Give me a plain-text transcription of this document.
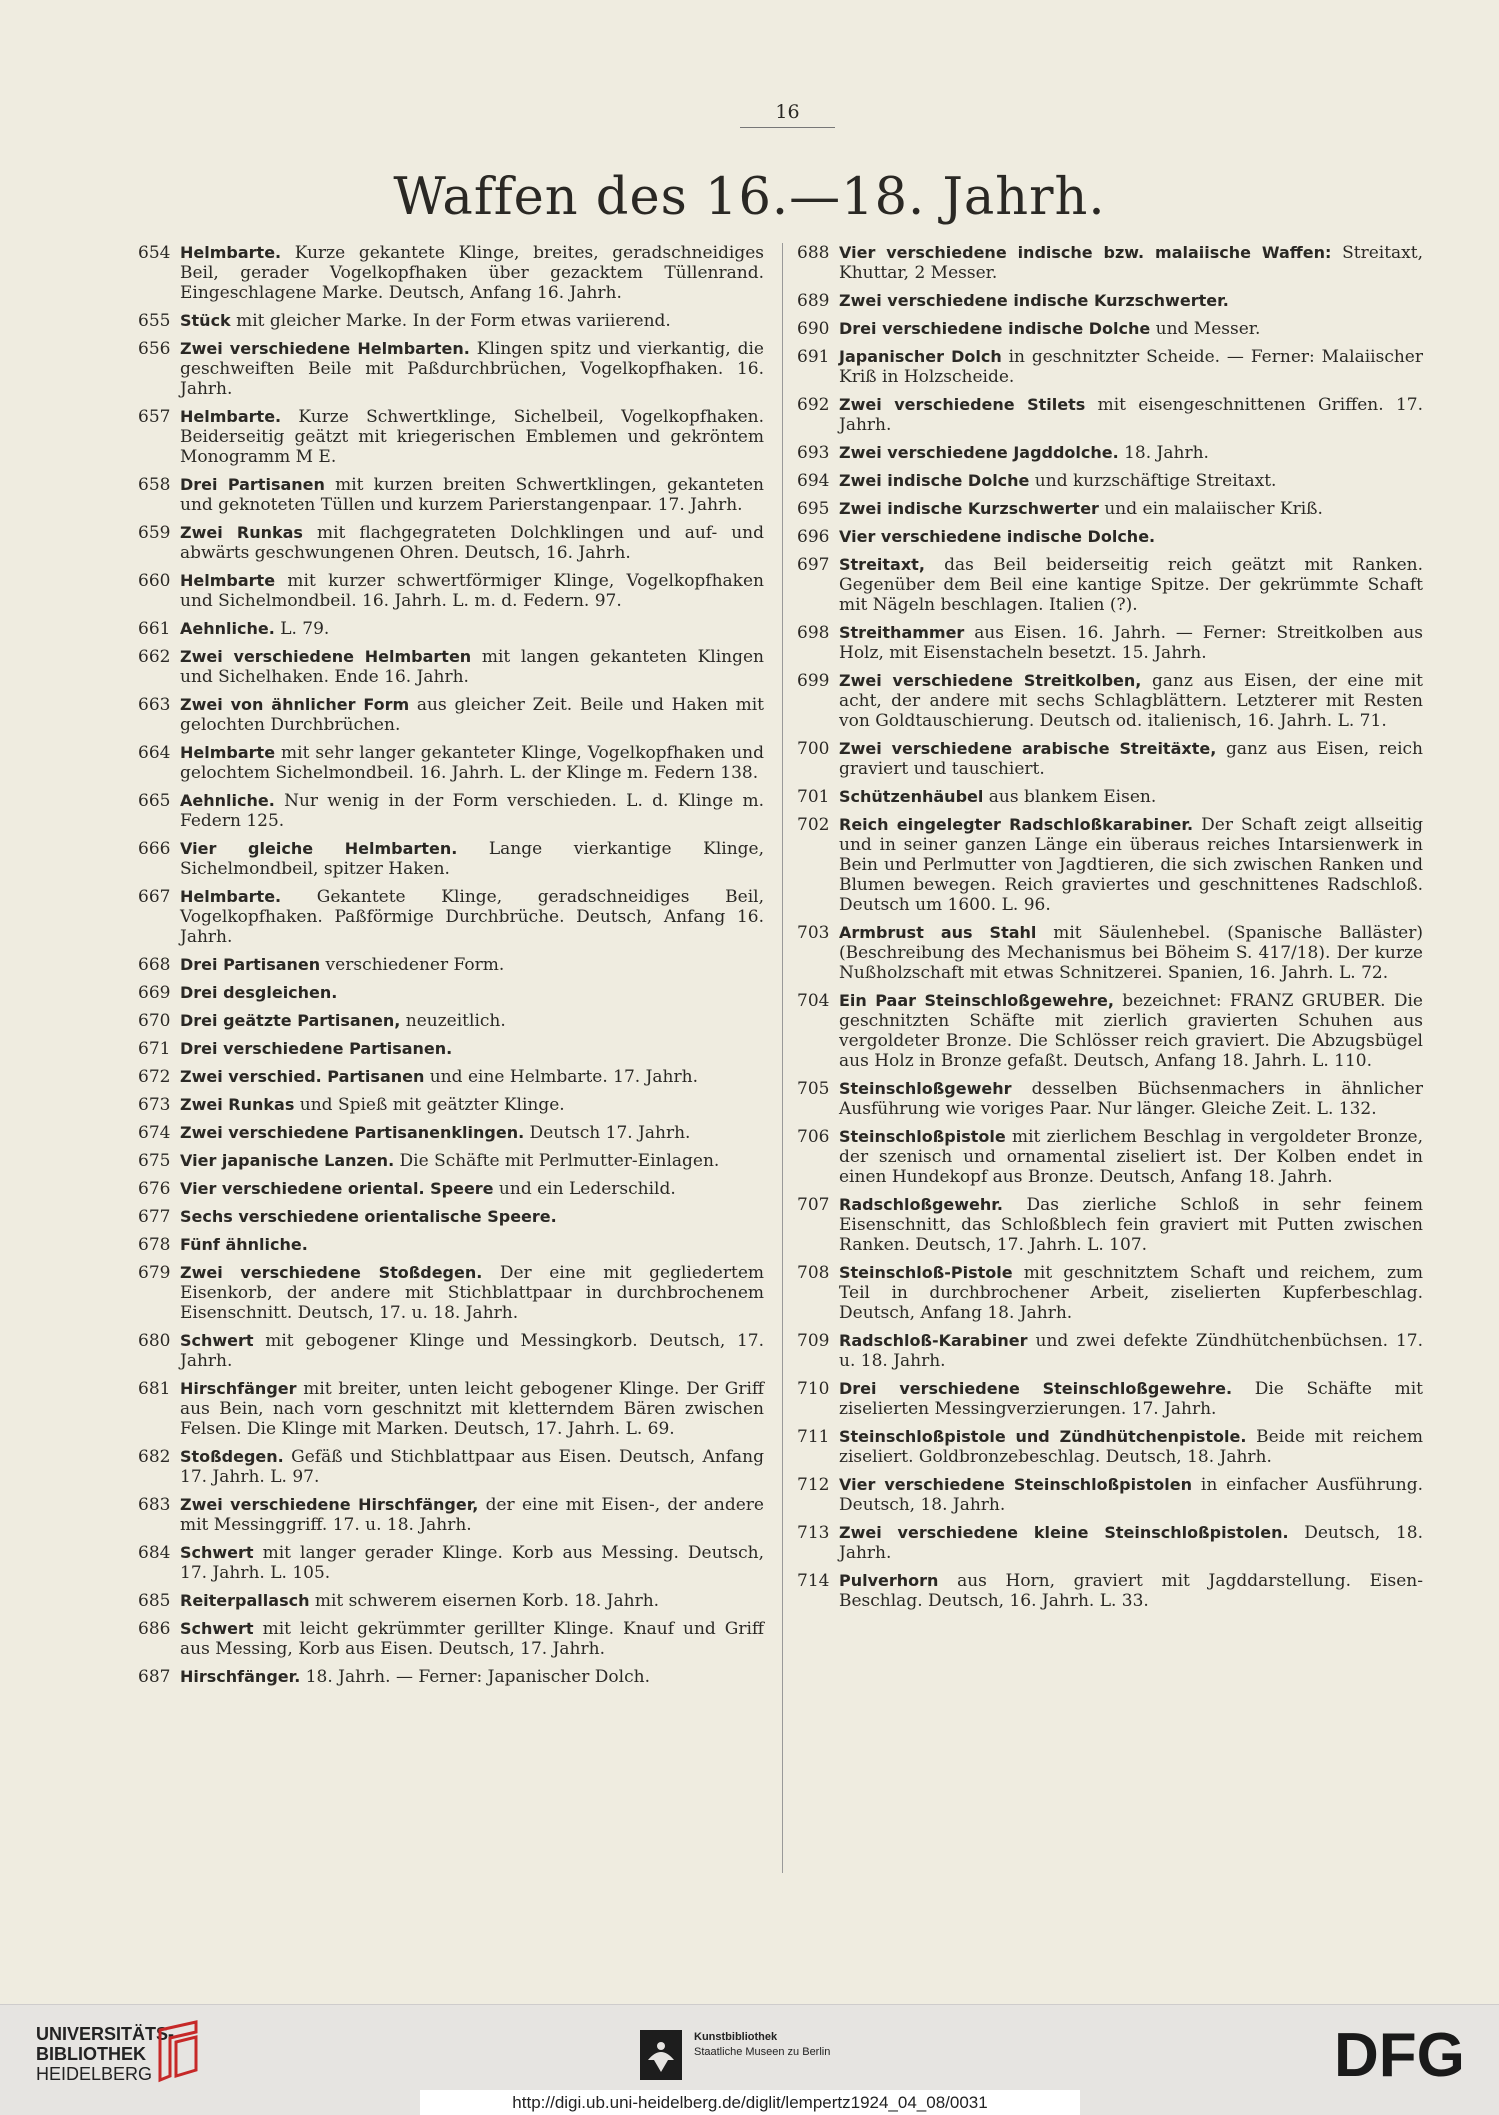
16
Waffen des 16.—18. Jahrh.
654 Helmbarte. Kurze gekantete Klinge, breites, geradschneidiges Beil, gerader Vogelkopfhaken über gezacktem Tüllenrand. Eingeschlagene Marke. Deutsch, Anfang 16. Jahrh.
655 Stück mit gleicher Marke. In der Form etwas variierend.
656 Zwei verschiedene Helmbarten. Klingen spitz und vierkantig, die geschweiften Beile mit Paßdurchbrüchen, Vogelkopfhaken. 16. Jahrh.
657 Helmbarte. Kurze Schwertklinge, Sichelbeil, Vogelkopfhaken. Beiderseitig geätzt mit kriegerischen Emblemen und gekröntem Monogramm M E.
658 Drei Partisanen mit kurzen breiten Schwertklingen, gekanteten und geknoteten Tüllen und kurzem Parierstangenpaar. 17. Jahrh.
659 Zwei Runkas mit flachgegrateten Dolchklingen und auf- und abwärts geschwungenen Ohren. Deutsch, 16. Jahrh.
660 Helmbarte mit kurzer schwertförmiger Klinge, Vogelkopfhaken und Sichelmondbeil. 16. Jahrh. L. m. d. Federn. 97.
661 Aehnliche. L. 79.
662 Zwei verschiedene Helmbarten mit langen gekanteten Klingen und Sichelhaken. Ende 16. Jahrh.
663 Zwei von ähnlicher Form aus gleicher Zeit. Beile und Haken mit gelochten Durchbrüchen.
664 Helmbarte mit sehr langer gekanteter Klinge, Vogelkopfhaken und gelochtem Sichelmondbeil. 16. Jahrh. L. der Klinge m. Federn 138.
665 Aehnliche. Nur wenig in der Form verschieden. L. d. Klinge m. Federn 125.
666 Vier gleiche Helmbarten. Lange vierkantige Klinge, Sichelmondbeil, spitzer Haken.
667 Helmbarte. Gekantete Klinge, geradschneidiges Beil, Vogelkopfhaken. Paßförmige Durchbrüche. Deutsch, Anfang 16. Jahrh.
668 Drei Partisanen verschiedener Form.
669 Drei desgleichen.
670 Drei geätzte Partisanen, neuzeitlich.
671 Drei verschiedene Partisanen.
672 Zwei verschied. Partisanen und eine Helmbarte. 17. Jahrh.
673 Zwei Runkas und Spieß mit geätzter Klinge.
674 Zwei verschiedene Partisanenklingen. Deutsch 17. Jahrh.
675 Vier japanische Lanzen. Die Schäfte mit Perlmutter-Einlagen.
676 Vier verschiedene oriental. Speere und ein Lederschild.
677 Sechs verschiedene orientalische Speere.
678 Fünf ähnliche.
679 Zwei verschiedene Stoßdegen. Der eine mit gegliedertem Eisenkorb, der andere mit Stichblattpaar in durchbrochenem Eisenschnitt. Deutsch, 17. u. 18. Jahrh.
680 Schwert mit gebogener Klinge und Messingkorb. Deutsch, 17. Jahrh.
681 Hirschfänger mit breiter, unten leicht gebogener Klinge. Der Griff aus Bein, nach vorn geschnitzt mit kletterndem Bären zwischen Felsen. Die Klinge mit Marken. Deutsch, 17. Jahrh. L. 69.
682 Stoßdegen. Gefäß und Stichblattpaar aus Eisen. Deutsch, Anfang 17. Jahrh. L. 97.
683 Zwei verschiedene Hirschfänger, der eine mit Eisen-, der andere mit Messinggriff. 17. u. 18. Jahrh.
684 Schwert mit langer gerader Klinge. Korb aus Messing. Deutsch, 17. Jahrh. L. 105.
685 Reiterpallasch mit schwerem eisernen Korb. 18. Jahrh.
686 Schwert mit leicht gekrümmter gerillter Klinge. Knauf und Griff aus Messing, Korb aus Eisen. Deutsch, 17. Jahrh.
687 Hirschfänger. 18. Jahrh. — Ferner: Japanischer Dolch.
688 Vier verschiedene indische bzw. malaiische Waffen: Streitaxt, Khuttar, 2 Messer.
689 Zwei verschiedene indische Kurzschwerter.
690 Drei verschiedene indische Dolche und Messer.
691 Japanischer Dolch in geschnitzter Scheide. — Ferner: Malaiischer Kriß in Holzscheide.
692 Zwei verschiedene Stilets mit eisengeschnittenen Griffen. 17. Jahrh.
693 Zwei verschiedene Jagddolche. 18. Jahrh.
694 Zwei indische Dolche und kurzschäftige Streitaxt.
695 Zwei indische Kurzschwerter und ein malaiischer Kriß.
696 Vier verschiedene indische Dolche.
697 Streitaxt, das Beil beiderseitig reich geätzt mit Ranken. Gegenüber dem Beil eine kantige Spitze. Der gekrümmte Schaft mit Nägeln beschlagen. Italien (?).
698 Streithammer aus Eisen. 16. Jahrh. — Ferner: Streitkolben aus Holz, mit Eisenstacheln besetzt. 15. Jahrh.
699 Zwei verschiedene Streitkolben, ganz aus Eisen, der eine mit acht, der andere mit sechs Schlagblättern. Letzterer mit Resten von Goldtauschierung. Deutsch od. italienisch, 16. Jahrh. L. 71.
700 Zwei verschiedene arabische Streitäxte, ganz aus Eisen, reich graviert und tauschiert.
701 Schützenhäubel aus blankem Eisen.
702 Reich eingelegter Radschloßkarabiner. Der Schaft zeigt allseitig und in seiner ganzen Länge ein überaus reiches Intarsienwerk in Bein und Perlmutter von Jagdtieren, die sich zwischen Ranken und Blumen bewegen. Reich graviertes und geschnittenes Radschloß. Deutsch um 1600. L. 96.
703 Armbrust aus Stahl mit Säulenhebel. (Spanische Balläster) (Beschreibung des Mechanismus bei Böheim S. 417/18). Der kurze Nußholzschaft mit etwas Schnitzerei. Spanien, 16. Jahrh. L. 72.
704 Ein Paar Steinschloßgewehre, bezeichnet: FRANZ GRUBER. Die geschnitzten Schäfte mit zierlich gravierten Schuhen aus vergoldeter Bronze. Die Schlösser reich graviert. Die Abzugsbügel aus Holz in Bronze gefaßt. Deutsch, Anfang 18. Jahrh. L. 110.
705 Steinschloßgewehr desselben Büchsenmachers in ähnlicher Ausführung wie voriges Paar. Nur länger. Gleiche Zeit. L. 132.
706 Steinschloßpistole mit zierlichem Beschlag in vergoldeter Bronze, der szenisch und ornamental ziseliert ist. Der Kolben endet in einen Hundekopf aus Bronze. Deutsch, Anfang 18. Jahrh.
707 Radschloßgewehr. Das zierliche Schloß in sehr feinem Eisenschnitt, das Schloßblech fein graviert mit Putten zwischen Ranken. Deutsch, 17. Jahrh. L. 107.
708 Steinschloß-Pistole mit geschnitztem Schaft und reichem, zum Teil in durchbrochener Arbeit, ziselierten Kupferbeschlag. Deutsch, Anfang 18. Jahrh.
709 Radschloß-Karabiner und zwei defekte Zündhütchenbüchsen. 17. u. 18. Jahrh.
710 Drei verschiedene Steinschloßgewehre. Die Schäfte mit ziselierten Messingverzierungen. 17. Jahrh.
711 Steinschloßpistole und Zündhütchenpistole. Beide mit reichem ziseliert. Goldbronzebeschlag. Deutsch, 18. Jahrh.
712 Vier verschiedene Steinschloßpistolen in einfacher Ausführung. Deutsch, 18. Jahrh.
713 Zwei verschiedene kleine Steinschloßpistolen. Deutsch, 18. Jahrh.
714 Pulverhorn aus Horn, graviert mit Jagddarstellung. Eisen-Beschlag. Deutsch, 16. Jahrh. L. 33.
UNIVERSITÄTS-
BIBLIOTHEK
HEIDELBERG
Kunstbibliothek
Staatliche Museen zu Berlin	DFG
http://digi.ub.uni-heidelberg.de/diglit/lempertz1924_04_08/0031
